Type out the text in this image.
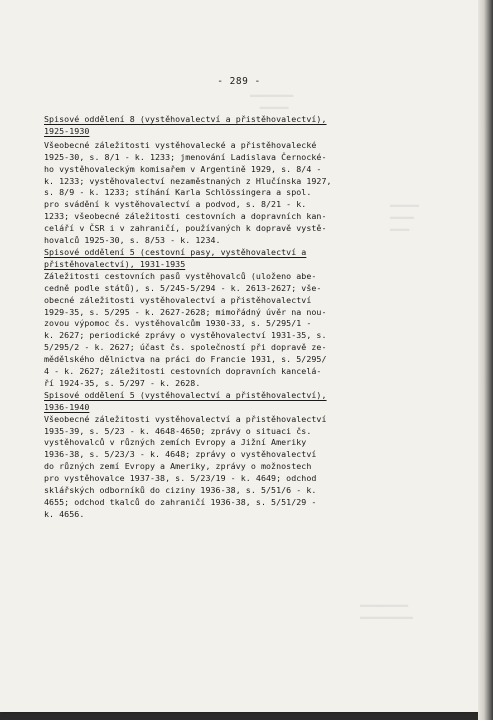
▬▬▬▬▬▬▬▬▬
▬▬▬▬▬▬
▬▬▬▬▬▬
▬▬▬▬▬
▬▬▬▬
▬▬▬▬▬▬▬▬▬▬
▬▬▬▬▬▬▬▬▬▬▬
- 289 -
Spisové oddělení 8 (vystěhovalectví a přistěhovalectví),
1925-1930
Všeobecné záležitosti vystěhovalecké a přistěhovalecké
1925-30, s. 8/1 - k. 1233; jmenování Ladislava Černocké-
ho vystěhovaleckým komisařem v Argentině 1929, s. 8/4 -
k. 1233; vystěhovalectví nezaměstnaných z Hlučínska 1927,
s. 8/9 - k. 1233; stíhání Karla Schlössingera a spol.
pro svádění k vystěhovalectví a podvod, s. 8/21 - k.
1233; všeobecné záležitosti cestovních a dopravních kan-
celáří v ČSR i v zahraničí, používaných k dopravě vystě-
hovalců 1925-30, s. 8/53 - k. 1234.
Spisové oddělení 5 (cestovní pasy, vystěhovalectví a
přistěhovalectví), 1931-1935
Záležitosti cestovních pasů vystěhovalců (uloženo abe-
cedně podle států), s. 5/245-5/294 - k. 2613-2627; vše-
obecné záležitosti vystěhovalectví a přistěhovalectví
1929-35, s. 5/295 - k. 2627-2628; mimořádný úvěr na nou-
zovou výpomoc čs. vystěhovalcům 1930-33, s. 5/295/1 -
k. 2627; periodické zprávy o vystěhovalectví 1931-35, s.
5/295/2 - k. 2627; účast čs. společností při dopravě ze-
mědělského dělnictva na práci do Francie 1931, s. 5/295/
4 - k. 2627; záležitosti cestovních dopravních kancelá-
ří 1924-35, s. 5/297 - k. 2628.
Spisové oddělení 5 (vystěhovalectví a přistěhovalectví),
1936-1940
Všeobecné záležitosti vystěhovalectví a přistěhovalectví
1935-39, s. 5/23 - k. 4648-4650; zprávy o situaci čs.
vystěhovalců v různých zemích Evropy a Jižní Ameriky
1936-38, s. 5/23/3 - k. 4648; zprávy o vystěhovalectví
do různých zemí Evropy a Ameriky, zprávy o možnostech
pro vystěhovalce 1937-38, s. 5/23/19 - k. 4649; odchod
sklářských odborníků do ciziny 1936-38, s. 5/51/6 - k.
4655; odchod tkalců do zahraničí 1936-38, s. 5/51/29 -
k. 4656.
